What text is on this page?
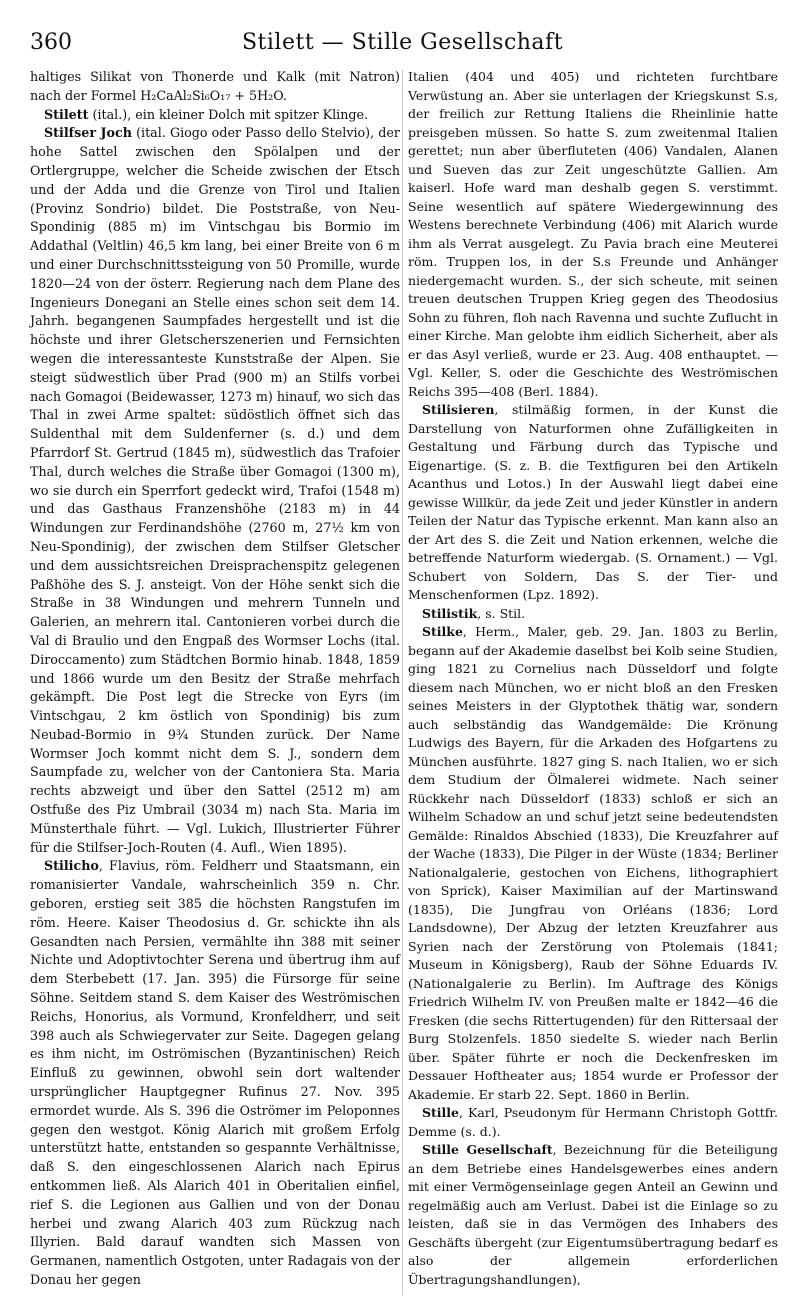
360	Stilett — Stille Gesellschaft

haltiges Silikat von Thonerde und Kalk (mit Natron) nach der Formel H₂CaAl₂Si₆O₁₇ + 5H₂O.

Stilett (ital.), ein kleiner Dolch mit spitzer Klinge.

Stilfser Joch (ital. Giogo oder Passo dello Stelvio), der hohe Sattel zwischen den Spölalpen und der Ortlergruppe, welcher die Scheide zwischen der Etsch und der Adda und die Grenze von Tirol und Italien (Provinz Sondrio) bildet. Die Poststraße, von Neu-Spondinig (885 m) im Vintschgau bis Bormio im Addathal (Veltlin) 46,5 km lang, bei einer Breite von 6 m und einer Durchschnittssteigung von 50 Promille, wurde 1820—24 von der österr. Regierung nach dem Plane des Ingenieurs Donegani an Stelle eines schon seit dem 14. Jahrh. begangenen Saumpfades hergestellt und ist die höchste und ihrer Gletscherszenerien und Fernsichten wegen die interessanteste Kunststraße der Alpen. Sie steigt südwestlich über Prad (900 m) an Stilfs vorbei nach Gomagoi (Beidewasser, 1273 m) hinauf, wo sich das Thal in zwei Arme spaltet: südöstlich öffnet sich das Suldenthal mit dem Suldenferner (s. d.) und dem Pfarrdorf St. Gertrud (1845 m), südwestlich das Trafoier Thal, durch welches die Straße über Gomagoi (1300 m), wo sie durch ein Sperrfort gedeckt wird, Trafoi (1548 m) und das Gasthaus Franzenshöhe (2183 m) in 44 Windungen zur Ferdinandshöhe (2760 m, 27½ km von Neu-Spondinig), der zwischen dem Stilfser Gletscher und dem aussichtsreichen Dreisprachenspitz gelegenen Paßhöhe des S. J. ansteigt. Von der Höhe senkt sich die Straße in 38 Windungen und mehrern Tunneln und Galerien, an mehrern ital. Cantonieren vorbei durch die Val di Braulio und den Engpaß des Wormser Lochs (ital. Diroccamento) zum Städtchen Bormio hinab. 1848, 1859 und 1866 wurde um den Besitz der Straße mehrfach gekämpft. Die Post legt die Strecke von Eyrs (im Vintschgau, 2 km östlich von Spondinig) bis zum Neubad-Bormio in 9¾ Stunden zurück. Der Name Wormser Joch kommt nicht dem S. J., sondern dem Saumpfade zu, welcher von der Cantoniera Sta. Maria rechts abzweigt und über den Sattel (2512 m) am Ostfuße des Piz Umbrail (3034 m) nach Sta. Maria im Münsterthale führt. — Vgl. Lukich, Illustrierter Führer für die Stilfser-Joch-Routen (4. Aufl., Wien 1895).

Stilicho, Flavius, röm. Feldherr und Staatsmann, ein romanisierter Vandale, wahrscheinlich 359 n. Chr. geboren, erstieg seit 385 die höchsten Rangstufen im röm. Heere. Kaiser Theodosius d. Gr. schickte ihn als Gesandten nach Persien, vermählte ihn 388 mit seiner Nichte und Adoptivtochter Serena und übertrug ihm auf dem Sterbebett (17. Jan. 395) die Fürsorge für seine Söhne. Seitdem stand S. dem Kaiser des Weströmischen Reichs, Honorius, als Vormund, Kronfeldherr, und seit 398 auch als Schwiegervater zur Seite. Dagegen gelang es ihm nicht, im Oströmischen (Byzantinischen) Reich Einfluß zu gewinnen, obwohl sein dort waltender ursprünglicher Hauptgegner Rufinus 27. Nov. 395 ermordet wurde. Als S. 396 die Oströmer im Peloponnes gegen den westgot. König Alarich mit großem Erfolg unterstützt hatte, entstanden so gespannte Verhältnisse, daß S. den eingeschlossenen Alarich nach Epirus entkommen ließ. Als Alarich 401 in Oberitalien einfiel, rief S. die Legionen aus Gallien und von der Donau herbei und zwang Alarich 403 zum Rückzug nach Illyrien. Bald darauf wandten sich Massen von Germanen, namentlich Ostgoten, unter Radagais von der Donau her gegen

Italien (404 und 405) und richteten furchtbare Verwüstung an. Aber sie unterlagen der Kriegskunst S.s, der freilich zur Rettung Italiens die Rheinlinie hatte preisgeben müssen. So hatte S. zum zweitenmal Italien gerettet; nun aber überfluteten (406) Vandalen, Alanen und Sueven das zur Zeit ungeschützte Gallien. Am kaiserl. Hofe ward man deshalb gegen S. verstimmt. Seine wesentlich auf spätere Wiedergewinnung des Westens berechnete Verbindung (406) mit Alarich wurde ihm als Verrat ausgelegt. Zu Pavia brach eine Meuterei röm. Truppen los, in der S.s Freunde und Anhänger niedergemacht wurden. S., der sich scheute, mit seinen treuen deutschen Truppen Krieg gegen des Theodosius Sohn zu führen, floh nach Ravenna und suchte Zuflucht in einer Kirche. Man gelobte ihm eidlich Sicherheit, aber als er das Asyl verließ, wurde er 23. Aug. 408 enthauptet. — Vgl. Keller, S. oder die Geschichte des Weströmischen Reichs 395—408 (Berl. 1884).

Stilisieren, stilmäßig formen, in der Kunst die Darstellung von Naturformen ohne Zufälligkeiten in Gestaltung und Färbung durch das Typische und Eigenartige. (S. z. B. die Textfiguren bei den Artikeln Acanthus und Lotos.) In der Auswahl liegt dabei eine gewisse Willkür, da jede Zeit und jeder Künstler in andern Teilen der Natur das Typische erkennt. Man kann also an der Art des S. die Zeit und Nation erkennen, welche die betreffende Naturform wiedergab. (S. Ornament.) — Vgl. Schubert von Soldern, Das S. der Tier- und Menschenformen (Lpz. 1892).

Stilistik, s. Stil.

Stilke, Herm., Maler, geb. 29. Jan. 1803 zu Berlin, begann auf der Akademie daselbst bei Kolb seine Studien, ging 1821 zu Cornelius nach Düsseldorf und folgte diesem nach München, wo er nicht bloß an den Fresken seines Meisters in der Glyptothek thätig war, sondern auch selbständig das Wandgemälde: Die Krönung Ludwigs des Bayern, für die Arkaden des Hofgartens zu München ausführte. 1827 ging S. nach Italien, wo er sich dem Studium der Ölmalerei widmete. Nach seiner Rückkehr nach Düsseldorf (1833) schloß er sich an Wilhelm Schadow an und schuf jetzt seine bedeutendsten Gemälde: Rinaldos Abschied (1833), Die Kreuzfahrer auf der Wache (1833), Die Pilger in der Wüste (1834; Berliner Nationalgalerie, gestochen von Eichens, lithographiert von Sprick), Kaiser Maximilian auf der Martinswand (1835), Die Jungfrau von Orléans (1836; Lord Landsdowne), Der Abzug der letzten Kreuzfahrer aus Syrien nach der Zerstörung von Ptolemais (1841; Museum in Königsberg), Raub der Söhne Eduards IV. (Nationalgalerie zu Berlin). Im Auftrage des Königs Friedrich Wilhelm IV. von Preußen malte er 1842—46 die Fresken (die sechs Rittertugenden) für den Rittersaal der Burg Stolzenfels. 1850 siedelte S. wieder nach Berlin über. Später führte er noch die Deckenfresken im Dessauer Hoftheater aus; 1854 wurde er Professor der Akademie. Er starb 22. Sept. 1860 in Berlin.

Stille, Karl, Pseudonym für Hermann Christoph Gottfr. Demme (s. d.).

Stille Gesellschaft, Bezeichnung für die Beteiligung an dem Betriebe eines Handelsgewerbes eines andern mit einer Vermögenseinlage gegen Anteil an Gewinn und regelmäßig auch am Verlust. Dabei ist die Einlage so zu leisten, daß sie in das Vermögen des Inhabers des Geschäfts übergeht (zur Eigentumsübertragung bedarf es also der allgemein erforderlichen Übertragungshandlungen),
